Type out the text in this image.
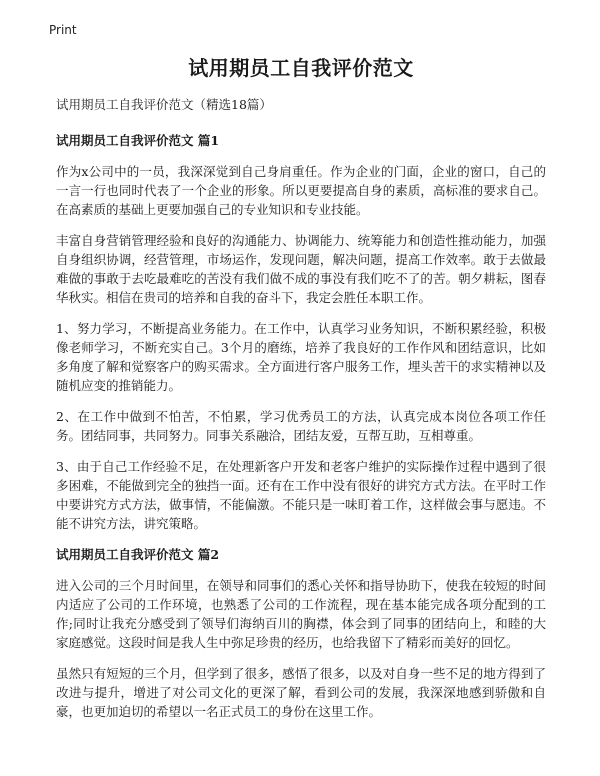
Print
试用期员工自我评价范文

试用期员工自我评价范文（精选18篇）

试用期员工自我评价范文 篇1

作为x公司中的一员，我深深觉到自己身肩重任。作为企业的门面，企业的窗口，自己的一言一行也同时代表了一个企业的形象。所以更要提高自身的素质，高标准的要求自己。在高素质的基础上更要加强自己的专业知识和专业技能。

丰富自身营销管理经验和良好的沟通能力、协调能力、统筹能力和创造性推动能力，加强自身组织协调，经营管理，市场运作，发现问题，解决问题，提高工作效率。敢于去做最难做的事敢于去吃最难吃的苦没有我们做不成的事没有我们吃不了的苦。朝夕耕耘，图春华秋实。相信在贵司的培养和自我的奋斗下，我定会胜任本职工作。

1、努力学习，不断提高业务能力。在工作中，认真学习业务知识，不断积累经验，积极像老师学习，不断充实自己。3个月的磨练，培养了我良好的工作作风和团结意识，比如多角度了解和觉察客户的购买需求。全方面进行客户服务工作，埋头苦干的求实精神以及随机应变的推销能力。

2、在工作中做到不怕苦，不怕累，学习优秀员工的方法，认真完成本岗位各项工作任务。团结同事，共同努力。同事关系融洽，团结友爱，互帮互助，互相尊重。

3、由于自己工作经验不足，在处理新客户开发和老客户维护的实际操作过程中遇到了很多困难，不能做到完全的独挡一面。还有在工作中没有很好的讲究方式方法。在平时工作中要讲究方式方法，做事情，不能偏激。不能只是一味盯着工作，这样做会事与愿违。不能不讲究方法，讲究策略。

试用期员工自我评价范文 篇2

进入公司的三个月时间里，在领导和同事们的悉心关怀和指导协助下，使我在较短的时间内适应了公司的工作环境，也熟悉了公司的工作流程，现在基本能完成各项分配到的工作;同时让我充分感受到了领导们海纳百川的胸襟，体会到了同事的团结向上，和睦的大家庭感觉。这段时间是我人生中弥足珍贵的经历，也给我留下了精彩而美好的回忆。

虽然只有短短的三个月，但学到了很多，感悟了很多，以及对自身一些不足的地方得到了改进与提升，增进了对公司文化的更深了解，看到公司的发展，我深深地感到骄傲和自豪，也更加迫切的希望以一名正式员工的身份在这里工作。
